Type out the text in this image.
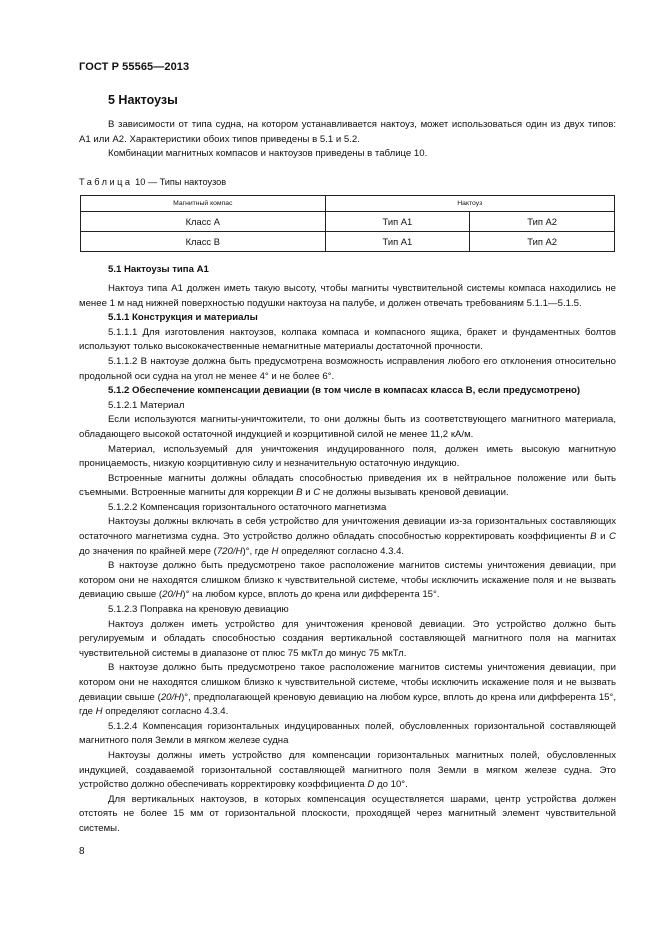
ГОСТ Р 55565—2013
5 Нактоузы

В зависимости от типа судна, на котором устанавливается нактоуз, может использоваться один из двух типов: А1 или А2. Характеристики обоих типов приведены в 5.1 и 5.2.

Комбинации магнитных компасов и нактоузов приведены в таблице 10.

Таблица 10 — Типы нактоузов
Магнитный компас	Нактоуз	
Класс А	Тип А1	Тип А2
Класс В	Тип А1	Тип А2
5.1 Нактоузы типа А1

Нактоуз типа А1 должен иметь такую высоту, чтобы магниты чувствительной системы компаса находились не менее 1 м над нижней поверхностью подушки нактоуза на палубе, и должен отвечать требованиям 5.1.1—5.1.5.

5.1.1 Конструкция и материалы

5.1.1.1 Для изготовления нактоузов, колпака компаса и компасного ящика, бракет и фундаментных болтов используют только высококачественные немагнитные материалы достаточной прочности.

5.1.1.2 В нактоузе должна быть предусмотрена возможность исправления любого его отклонения относительно продольной оси судна на угол не менее 4° и не более 6°.

5.1.2 Обеспечение компенсации девиации (в том числе в компасах класса В, если предусмотрено)
5.1.2.1 Материал

Если используются магниты-уничтожители, то они должны быть из соответствующего магнитного материала, обладающего высокой остаточной индукцией и коэрцитивной силой не менее 11,2 кА/м.

Материал, используемый для уничтожения индуцированного поля, должен иметь высокую магнитную проницаемость, низкую коэрцитивную силу и незначительную остаточную индукцию.

Встроенные магниты должны обладать способностью приведения их в нейтральное положение или быть съемными. Встроенные магниты для коррекции B и C не должны вызывать креновой девиации.

5.1.2.2 Компенсация горизонтального остаточного магнетизма

Нактоузы должны включать в себя устройство для уничтожения девиации из-за горизонтальных составляющих остаточного магнетизма судна. Это устройство должно обладать способностью корректировать коэффициенты B и C до значения по крайней мере (720/H)°, где H определяют согласно 4.3.4.

В нактоузе должно быть предусмотрено такое расположение магнитов системы уничтожения девиации, при котором они не находятся слишком близко к чувствительной системе, чтобы исключить искажение поля и не вызвать девиацию свыше (20/H)° на любом курсе, вплоть до крена или дифферента 15°.

5.1.2.3 Поправка на креновую девиацию

Нактоуз должен иметь устройство для уничтожения креновой девиации. Это устройство должно быть регулируемым и обладать способностью создания вертикальной составляющей магнитного поля на магнитах чувствительной системы в диапазоне от плюс 75 мкТл до минус 75 мкТл.

В нактоузе должно быть предусмотрено такое расположение магнитов системы уничтожения девиации, при котором они не находятся слишком близко к чувствительной системе, чтобы исключить искажение поля и не вызвать девиации свыше (20/H)°, предполагающей креновую девиацию на любом курсе, вплоть до крена или дифферента 15°, где H определяют согласно 4.3.4.

5.1.2.4 Компенсация горизонтальных индуцированных полей, обусловленных горизонтальной составляющей магнитного поля Земли в мягком железе судна

Нактоузы должны иметь устройство для компенсации горизонтальных магнитных полей, обусловленных индукцией, создаваемой горизонтальной составляющей магнитного поля Земли в мягком железе судна. Это устройство должно обеспечивать корректировку коэффициента D до 10°.

Для вертикальных нактоузов, в которых компенсация осуществляется шарами, центр устройства должен отстоять не более 15 мм от горизонтальной плоскости, проходящей через магнитный элемент чувствительной системы.

8
